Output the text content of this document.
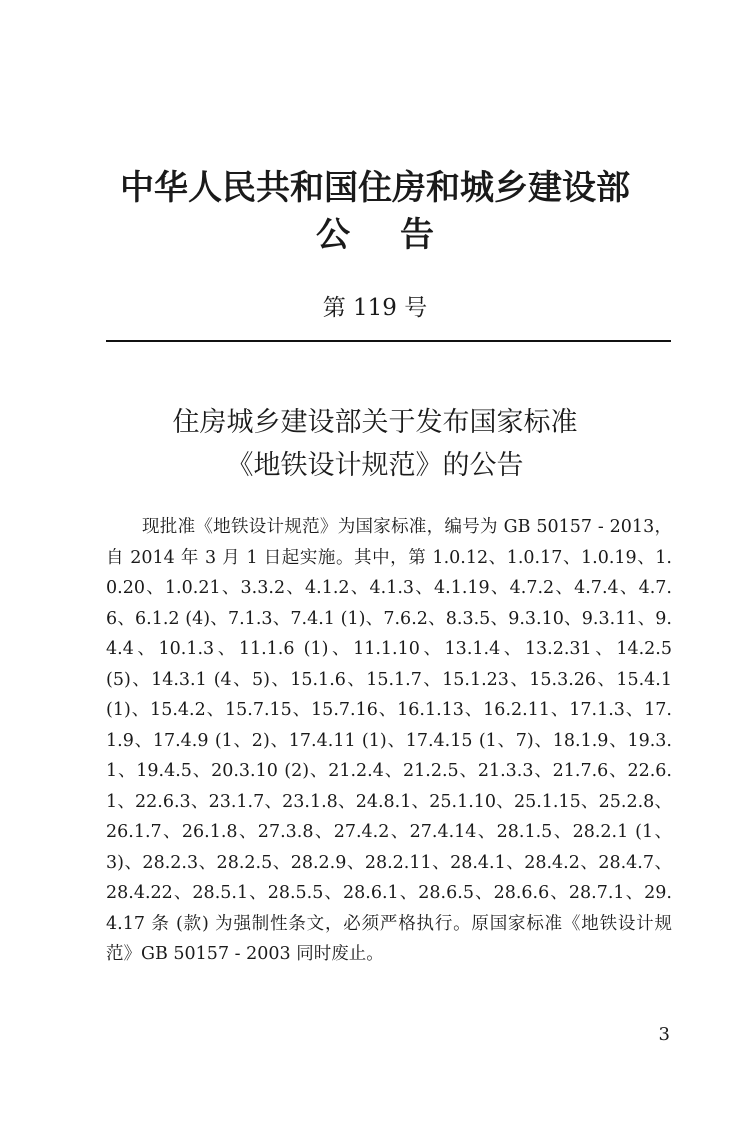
中华人民共和国住房和城乡建设部
公告
第 119 号
住房城乡建设部关于发布国家标准
《地铁设计规范》的公告
现批准《地铁设计规范》为国家标准，编号为 GB 50157 - 2013，自 2014 年 3 月 1 日起实施。其中，第 1.0.12、1.0.17、1.0.19、1.0.20、1.0.21、3.3.2、4.1.2、4.1.3、4.1.19、4.7.2、4.7.4、4.7.6、6.1.2 (4)、7.1.3、7.4.1 (1)、7.6.2、8.3.5、9.3.10、9.3.11、9.4.4、10.1.3、11.1.6 (1)、11.1.10、13.1.4、13.2.31、14.2.5 (5)、14.3.1 (4、5)、15.1.6、15.1.7、15.1.23、15.3.26、15.4.1 (1)、15.4.2、15.7.15、15.7.16、16.1.13、16.2.11、17.1.3、17.1.9、17.4.9 (1、2)、17.4.11 (1)、17.4.15 (1、7)、18.1.9、19.3.1、19.4.5、20.3.10 (2)、21.2.4、21.2.5、21.3.3、21.7.6、22.6.1、22.6.3、23.1.7、23.1.8、24.8.1、25.1.10、25.1.15、25.2.8、26.1.7、26.1.8、27.3.8、27.4.2、27.4.14、28.1.5、28.2.1 (1、3)、28.2.3、28.2.5、28.2.9、28.2.11、28.4.1、28.4.2、28.4.7、28.4.22、28.5.1、28.5.5、28.6.1、28.6.5、28.6.6、28.7.1、29.4.17 条 (款) 为强制性条文，必须严格执行。原国家标准《地铁设计规范》GB 50157 - 2003 同时废止。
3
